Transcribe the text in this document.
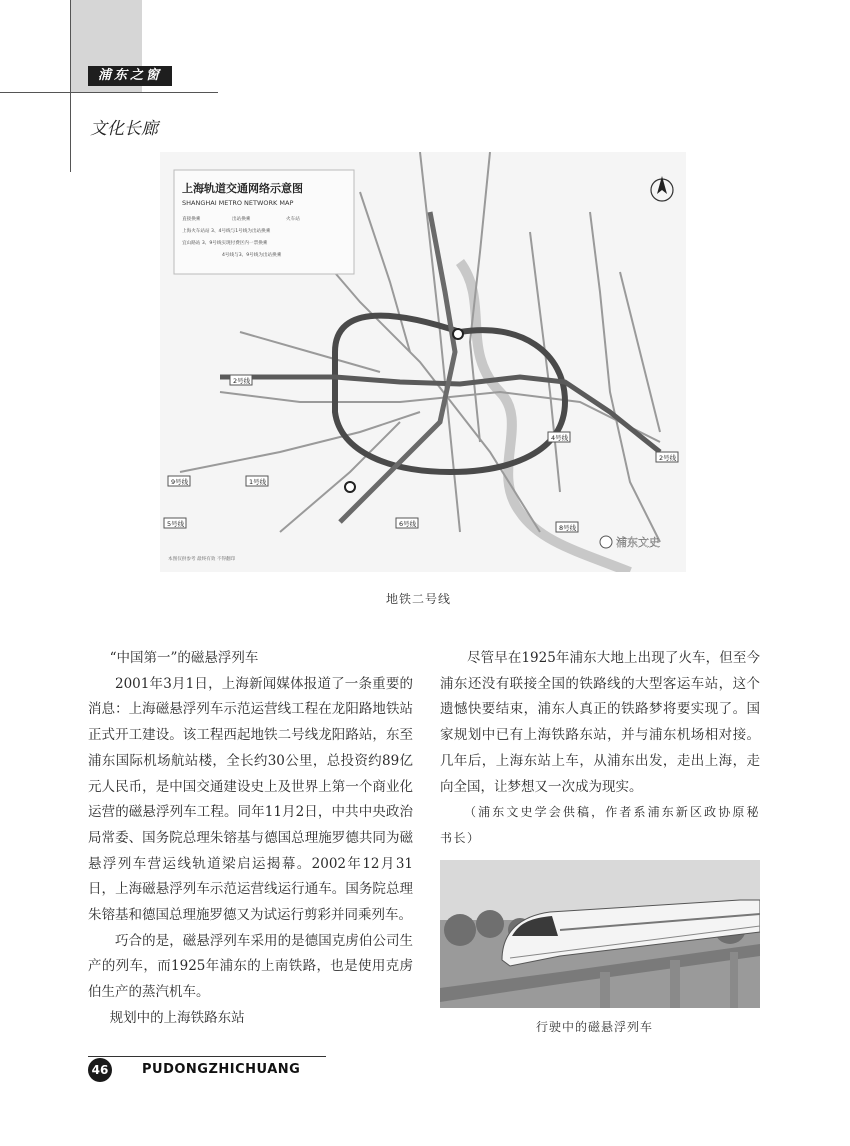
浦东之窗
文化长廊
上海轨道交通网络示意图
SHANGHAI METRO NETWORK MAP
直接换乘	出站换乘	火车站
上海火车站站 3、4号线与1号线为出站换乘
宜山路站 3、9号线实现付费区内一票换乘
4号线与3、9号线为出站换乘
2号线
9号线	1号线
5号线
4号线
6号线
2号线
8号线
浦东文史
本图仅供参考 最终有效 不得翻印
地铁二号线

“中国第一”的磁悬浮列车

2001年3月1日，上海新闻媒体报道了一条重要的消息：上海磁悬浮列车示范运营线工程在龙阳路地铁站正式开工建设。该工程西起地铁二号线龙阳路站，东至浦东国际机场航站楼，全长约30公里，总投资约89亿元人民币，是中国交通建设史上及世界上第一个商业化运营的磁悬浮列车工程。同年11月2日，中共中央政治局常委、国务院总理朱镕基与德国总理施罗德共同为磁悬浮列车营运线轨道梁启运揭幕。2002年12月31日，上海磁悬浮列车示范运营线运行通车。国务院总理朱镕基和德国总理施罗德又为试运行剪彩并同乘列车。

巧合的是，磁悬浮列车采用的是德国克虏伯公司生产的列车，而1925年浦东的上南铁路，也是使用克虏伯生产的蒸汽机车。

规划中的上海铁路东站

尽管早在1925年浦东大地上出现了火车，但至今浦东还没有联接全国的铁路线的大型客运车站，这个遗憾快要结束，浦东人真正的铁路梦将要实现了。国家规划中已有上海铁路东站，并与浦东机场相对接。几年后，上海东站上车，从浦东出发，走出上海，走向全国，让梦想又一次成为现实。

（浦东文史学会供稿，作者系浦东新区政协原秘书长）

行驶中的磁悬浮列车
46	PUDONGZHICHUANG
